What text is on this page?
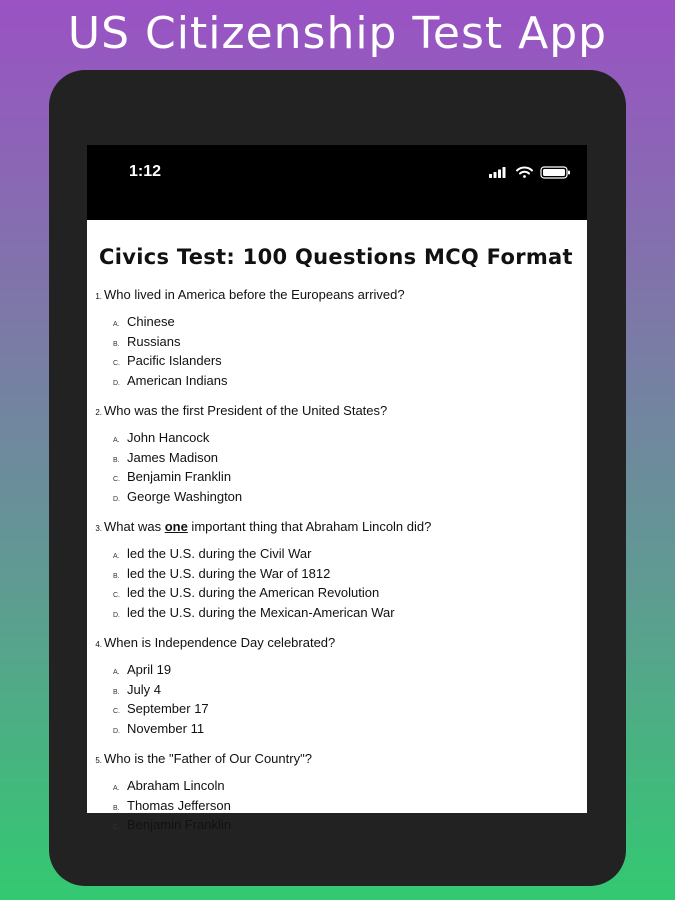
US Citizenship Test App
1:12
Civics Test: 100 Questions MCQ Format
1. Who lived in America before the Europeans arrived?
A. Chinese
B. Russians
C. Pacific Islanders
D. American Indians
2. Who was the first President of the United States?
A. John Hancock
B. James Madison
C. Benjamin Franklin
D. George Washington
3. What was one important thing that Abraham Lincoln did?
A. led the U.S. during the Civil War
B. led the U.S. during the War of 1812
C. led the U.S. during the American Revolution
D. led the U.S. during the Mexican-American War
4. When is Independence Day celebrated?
A. April 19
B. July 4
C. September 17
D. November 11
5. Who is the "Father of Our Country"?
A. Abraham Lincoln
B. Thomas Jefferson
C. Benjamin Franklin
